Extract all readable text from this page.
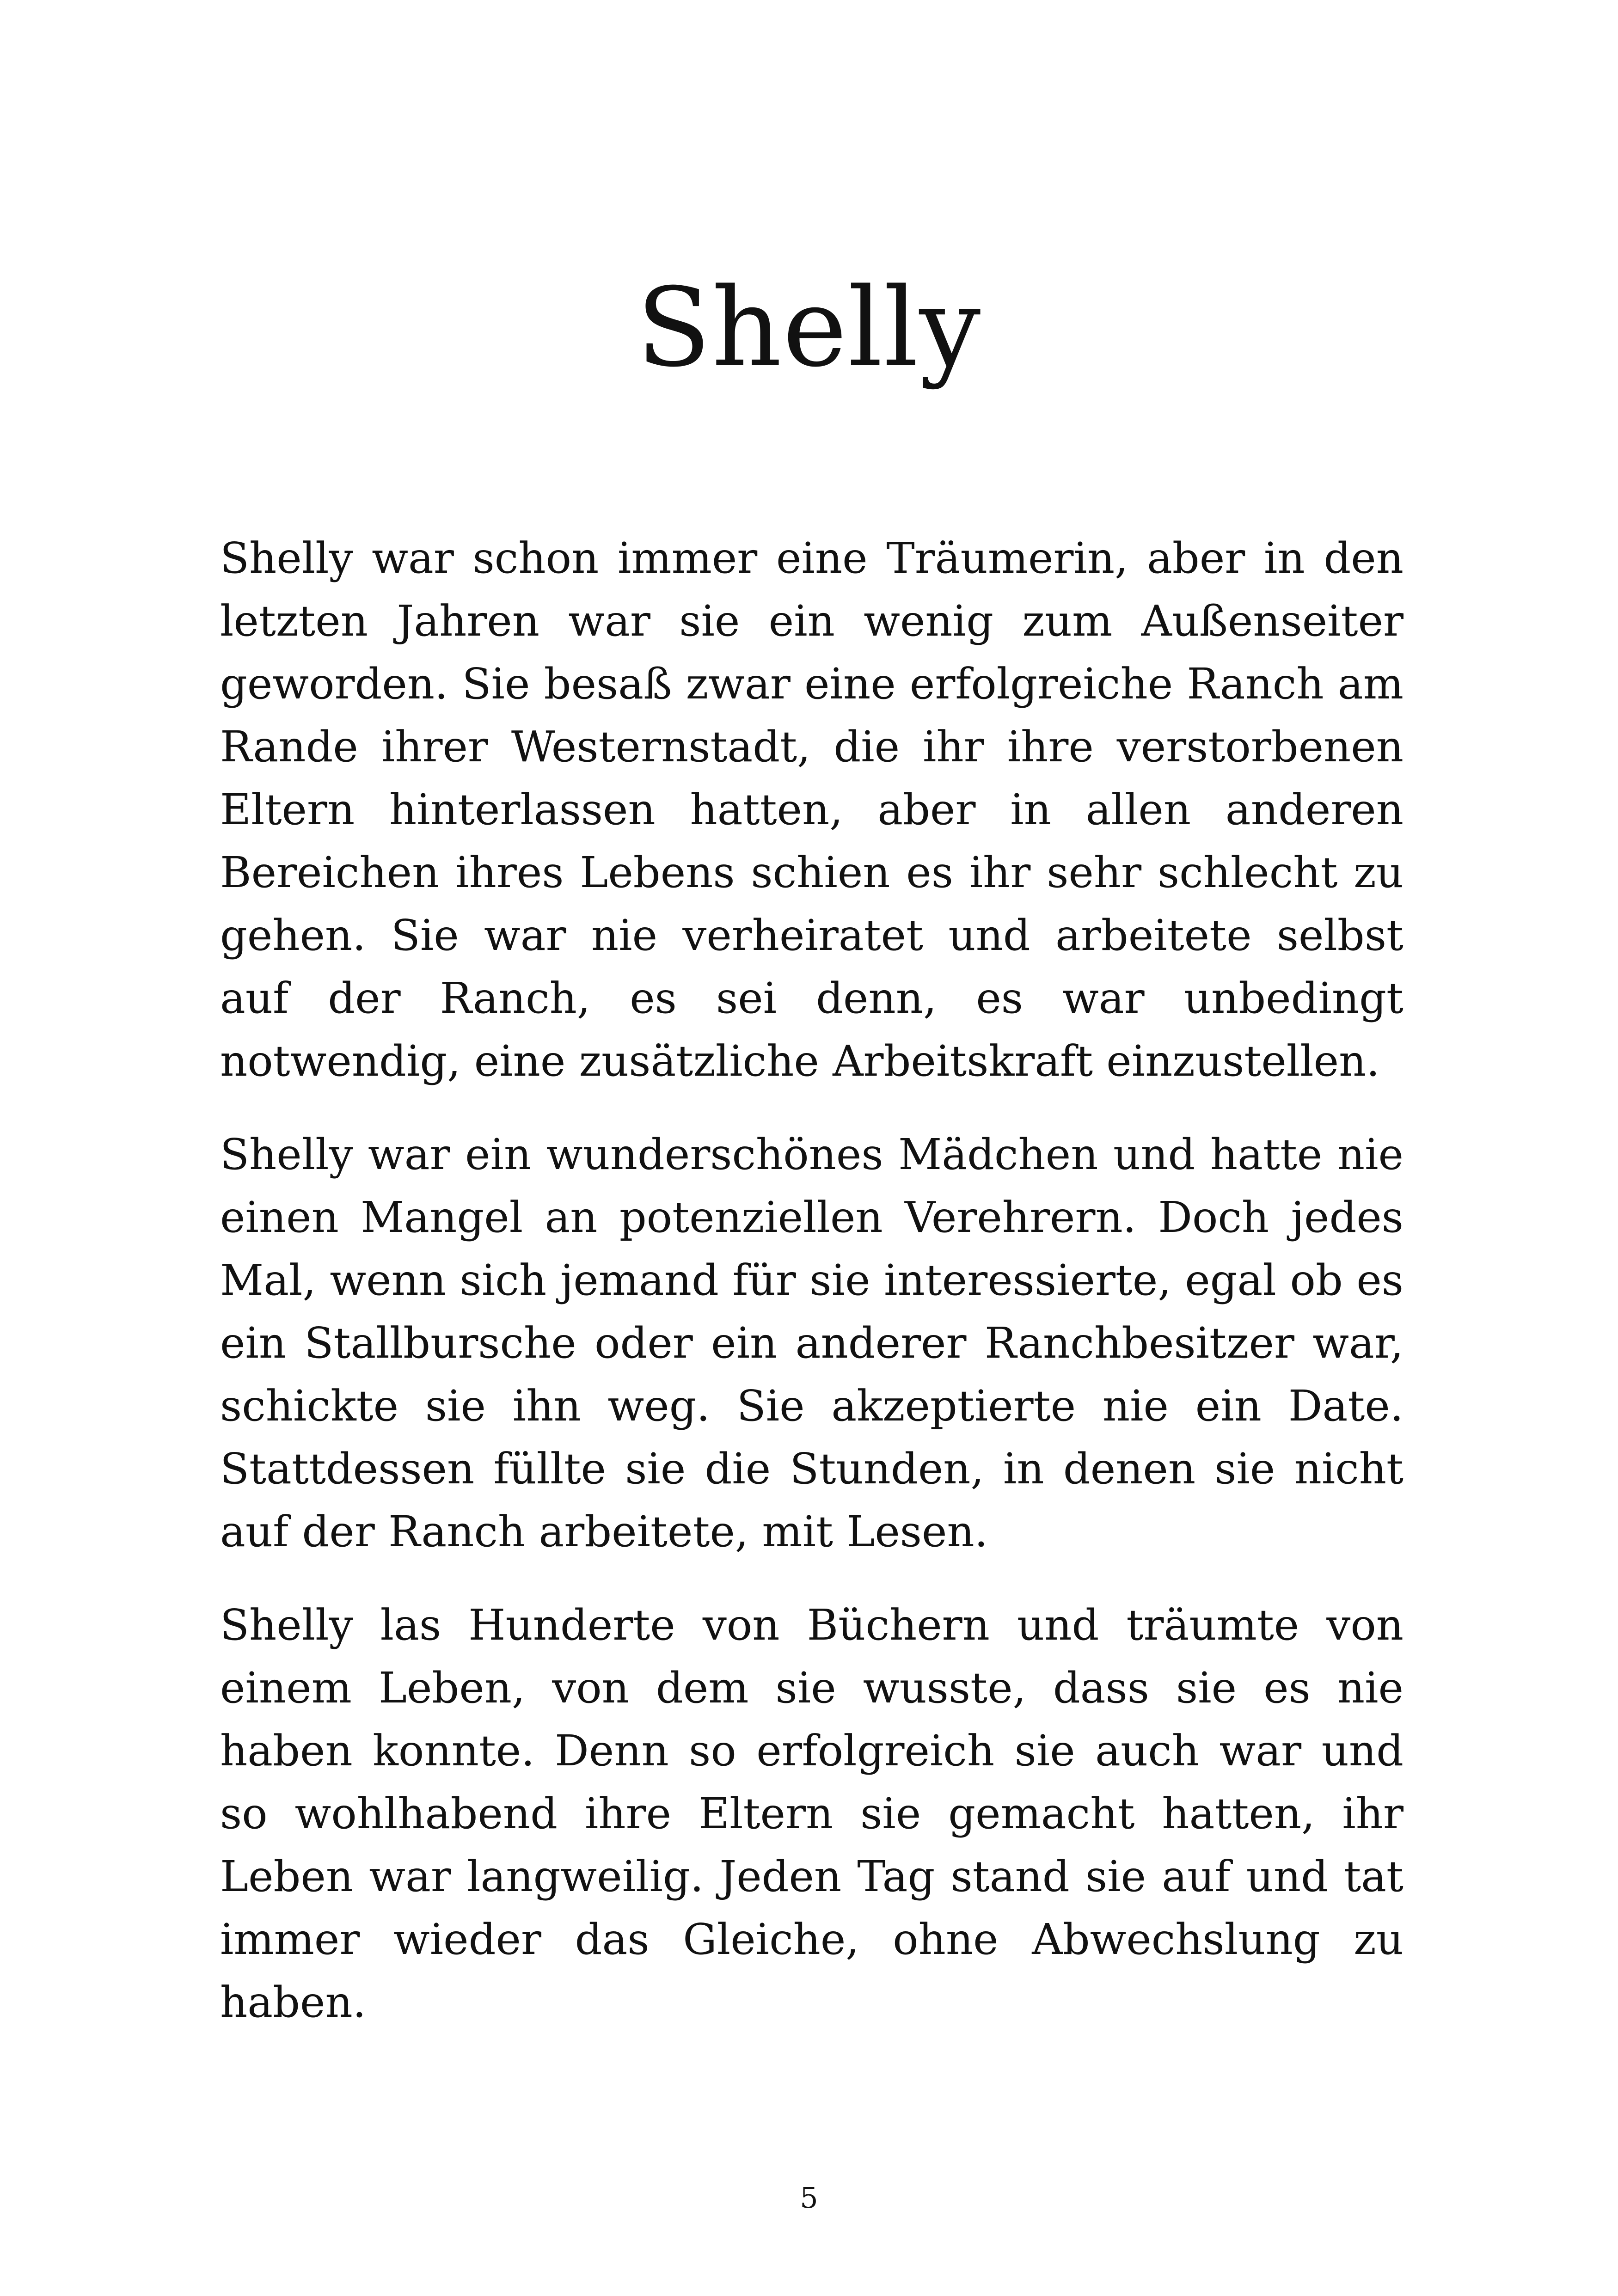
Shelly

Shelly war schon immer eine Träumerin, aber in den letzten Jahren war sie ein wenig zum Außenseiter geworden. Sie besaß zwar eine erfolgreiche Ranch am Rande ihrer Westernstadt, die ihr ihre verstorbenen Eltern hinterlassen hatten, aber in allen anderen Bereichen ihres Lebens schien es ihr sehr schlecht zu gehen. Sie war nie verheiratet und arbeitete selbst auf der Ranch, es sei denn, es war unbedingt notwendig, eine zusätzliche Arbeitskraft einzustellen.

Shelly war ein wunderschönes Mädchen und hatte nie einen Mangel an potenziellen Verehrern. Doch jedes Mal, wenn sich jemand für sie interessierte, egal ob es ein Stallbursche oder ein anderer Ranchbesitzer war, schickte sie ihn weg. Sie akzeptierte nie ein Date. Stattdessen füllte sie die Stunden, in denen sie nicht auf der Ranch arbeitete, mit Lesen.

Shelly las Hunderte von Büchern und träumte von einem Leben, von dem sie wusste, dass sie es nie haben konnte. Denn so erfolgreich sie auch war und so wohlhabend ihre Eltern sie gemacht hatten, ihr Leben war langweilig. Jeden Tag stand sie auf und tat immer wieder das Gleiche, ohne Abwechslung zu haben.

5
